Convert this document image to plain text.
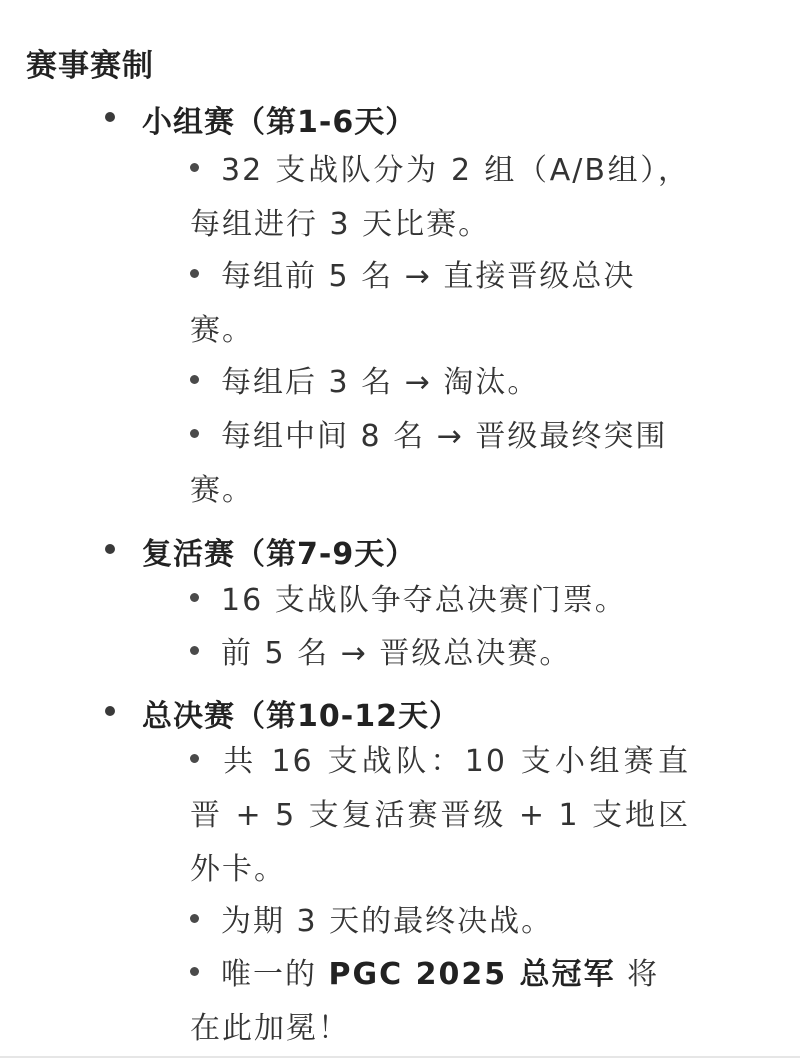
赛事赛制
小组赛（第1-6天）
32 支战队分为 2 组（A/B组），每组进行 3 天比赛。
每组前 5 名 → 直接晋级总决赛。
每组后 3 名 → 淘汰。
每组中间 8 名 → 晋级最终突围赛。
复活赛（第7-9天）
16 支战队争夺总决赛门票。
前 5 名 → 晋级总决赛。
总决赛（第10-12天）
共 16 支战队：10 支小组赛直晋 + 5 支复活赛晋级 + 1 支地区外卡。
为期 3 天的最终决战。
唯一的 PGC 2025 总冠军 将在此加冕！
